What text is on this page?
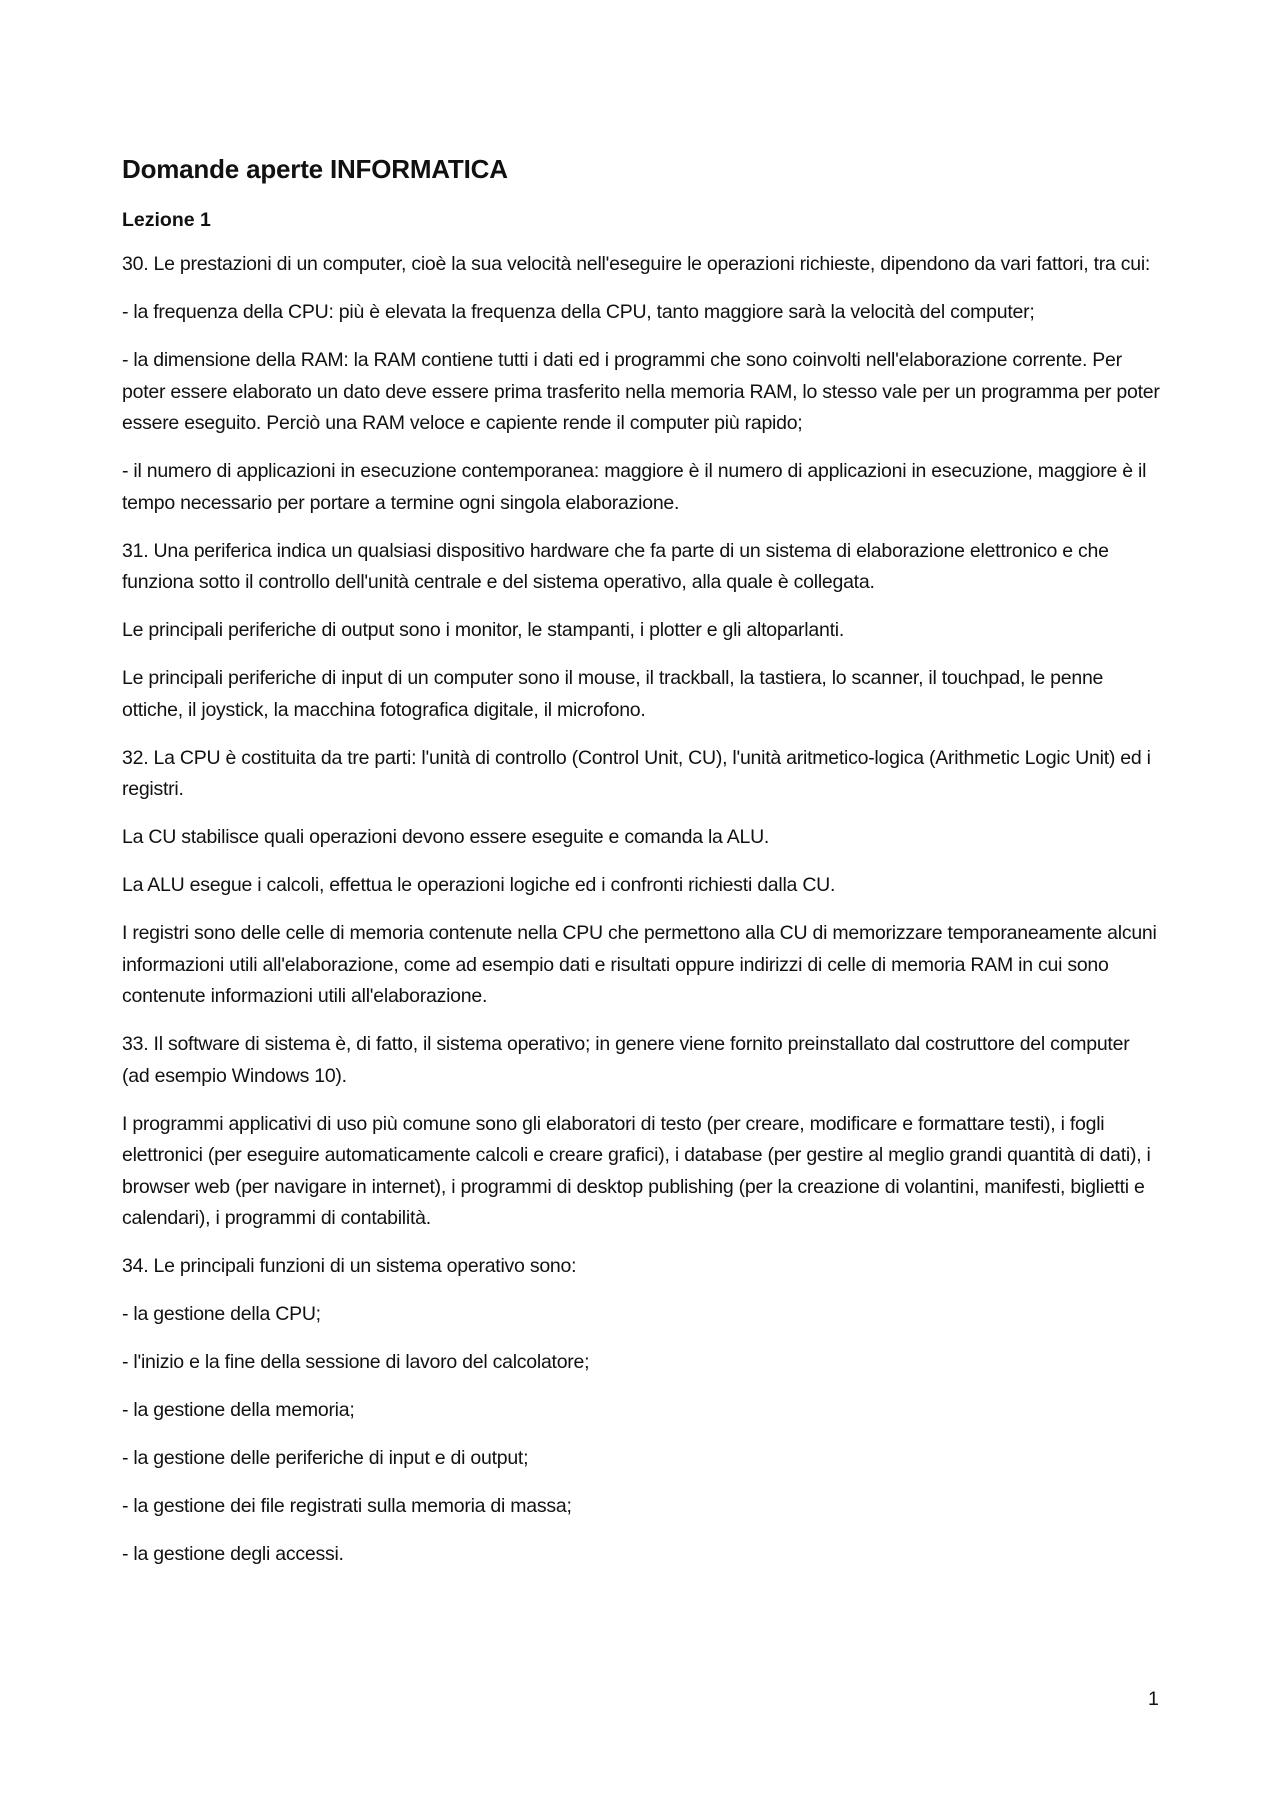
Domande aperte INFORMATICA
Lezione 1

30. Le prestazioni di un computer, cioè la sua velocità nell'eseguire le operazioni richieste, dipendono da vari fattori, tra cui:

- la frequenza della CPU: più è elevata la frequenza della CPU, tanto maggiore sarà la velocità del computer;

- la dimensione della RAM: la RAM contiene tutti i dati ed i programmi che sono coinvolti nell'elaborazione corrente. Per poter essere elaborato un dato deve essere prima trasferito nella memoria RAM, lo stesso vale per un programma per poter essere eseguito. Perciò una RAM veloce e capiente rende il computer più rapido;

- il numero di applicazioni in esecuzione contemporanea: maggiore è il numero di applicazioni in esecuzione, maggiore è il tempo necessario per portare a termine ogni singola elaborazione.

31. Una periferica indica un qualsiasi dispositivo hardware che fa parte di un sistema di elaborazione elettronico e che funziona sotto il controllo dell'unità centrale e del sistema operativo, alla quale è collegata.

Le principali periferiche di output sono i monitor, le stampanti, i plotter e gli altoparlanti.

Le principali periferiche di input di un computer sono il mouse, il trackball, la tastiera, lo scanner, il touchpad, le penne ottiche, il joystick, la macchina fotografica digitale, il microfono.

32. La CPU è costituita da tre parti: l'unità di controllo (Control Unit, CU), l'unità aritmetico-logica (Arithmetic Logic Unit) ed i registri.

La CU stabilisce quali operazioni devono essere eseguite e comanda la ALU.

La ALU esegue i calcoli, effettua le operazioni logiche ed i confronti richiesti dalla CU.

I registri sono delle celle di memoria contenute nella CPU che permettono alla CU di memorizzare temporaneamente alcuni informazioni utili all'elaborazione, come ad esempio dati e risultati oppure indirizzi di celle di memoria RAM in cui sono contenute informazioni utili all'elaborazione.

33. Il software di sistema è, di fatto, il sistema operativo; in genere viene fornito preinstallato dal costruttore del computer (ad esempio Windows 10).

I programmi applicativi di uso più comune sono gli elaboratori di testo (per creare, modificare e formattare testi), i fogli elettronici (per eseguire automaticamente calcoli e creare grafici), i database (per gestire al meglio grandi quantità di dati), i browser web (per navigare in internet), i programmi di desktop publishing (per la creazione di volantini, manifesti, biglietti e calendari), i programmi di contabilità.

34. Le principali funzioni di un sistema operativo sono:

- la gestione della CPU;

- l'inizio e la fine della sessione di lavoro del calcolatore;

- la gestione della memoria;

- la gestione delle periferiche di input e di output;

- la gestione dei file registrati sulla memoria di massa;

- la gestione degli accessi.

1
